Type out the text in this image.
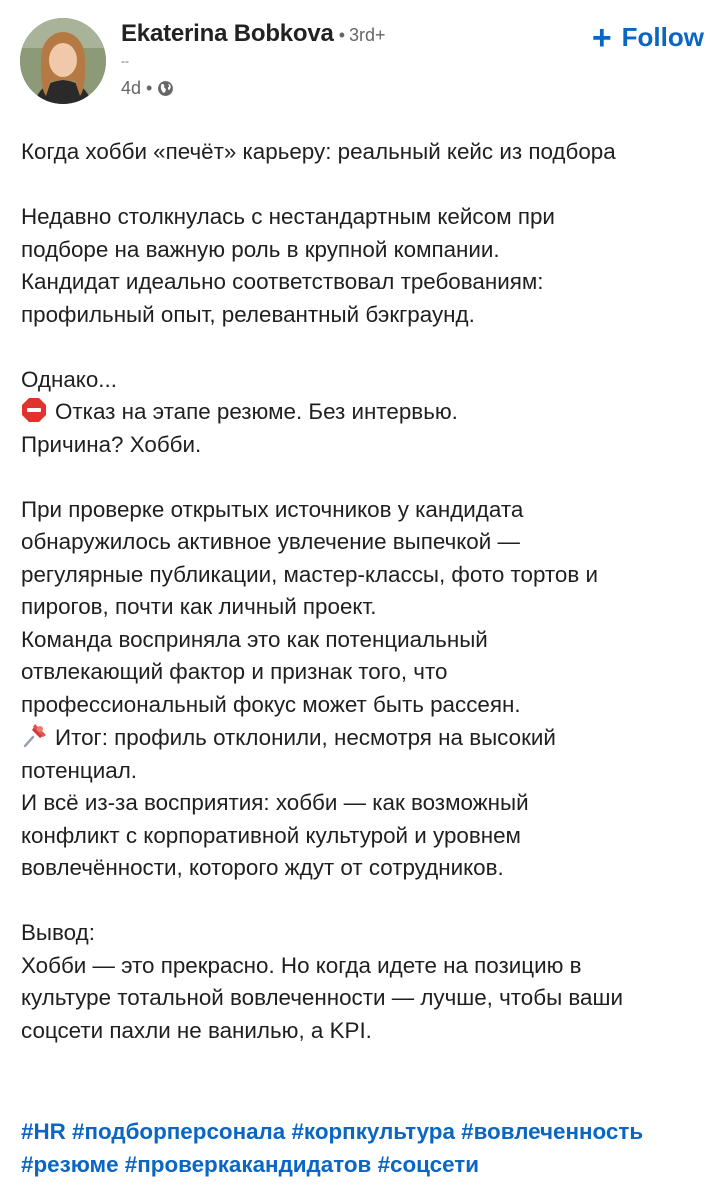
Ekaterina Bobkova • 3rd+
--
4d •
+ Follow

Когда хобби «печёт» карьеру: реальный кейс из подбора

Недавно столкнулась с нестандартным кейсом при
подборе на важную роль в крупной компании.
Кандидат идеально соответствовал требованиям:
профильный опыт, релевантный бэкграунд.

Однако...
Отказ на этапе резюме. Без интервью.
Причина? Хобби.

При проверке открытых источников у кандидата
обнаружилось активное увлечение выпечкой —
регулярные публикации, мастер-классы, фото тортов и
пирогов, почти как личный проект.
Команда восприняла это как потенциальный
отвлекающий фактор и признак того, что
профессиональный фокус может быть рассеян.
Итог: профиль отклонили, несмотря на высокий
потенциал.
И всё из-за восприятия: хобби — как возможный
конфликт с корпоративной культурой и уровнем
вовлечённости, которого ждут от сотрудников.

Вывод:
Хобби — это прекрасно. Но когда идете на позицию в
культуре тотальной вовлеченности — лучше, чтобы ваши
соцсети пахли не ванилью, а KPI.

#HR #подборперсонала #корпкультура #вовлеченность
#резюме #проверкакандидатов #соцсети
